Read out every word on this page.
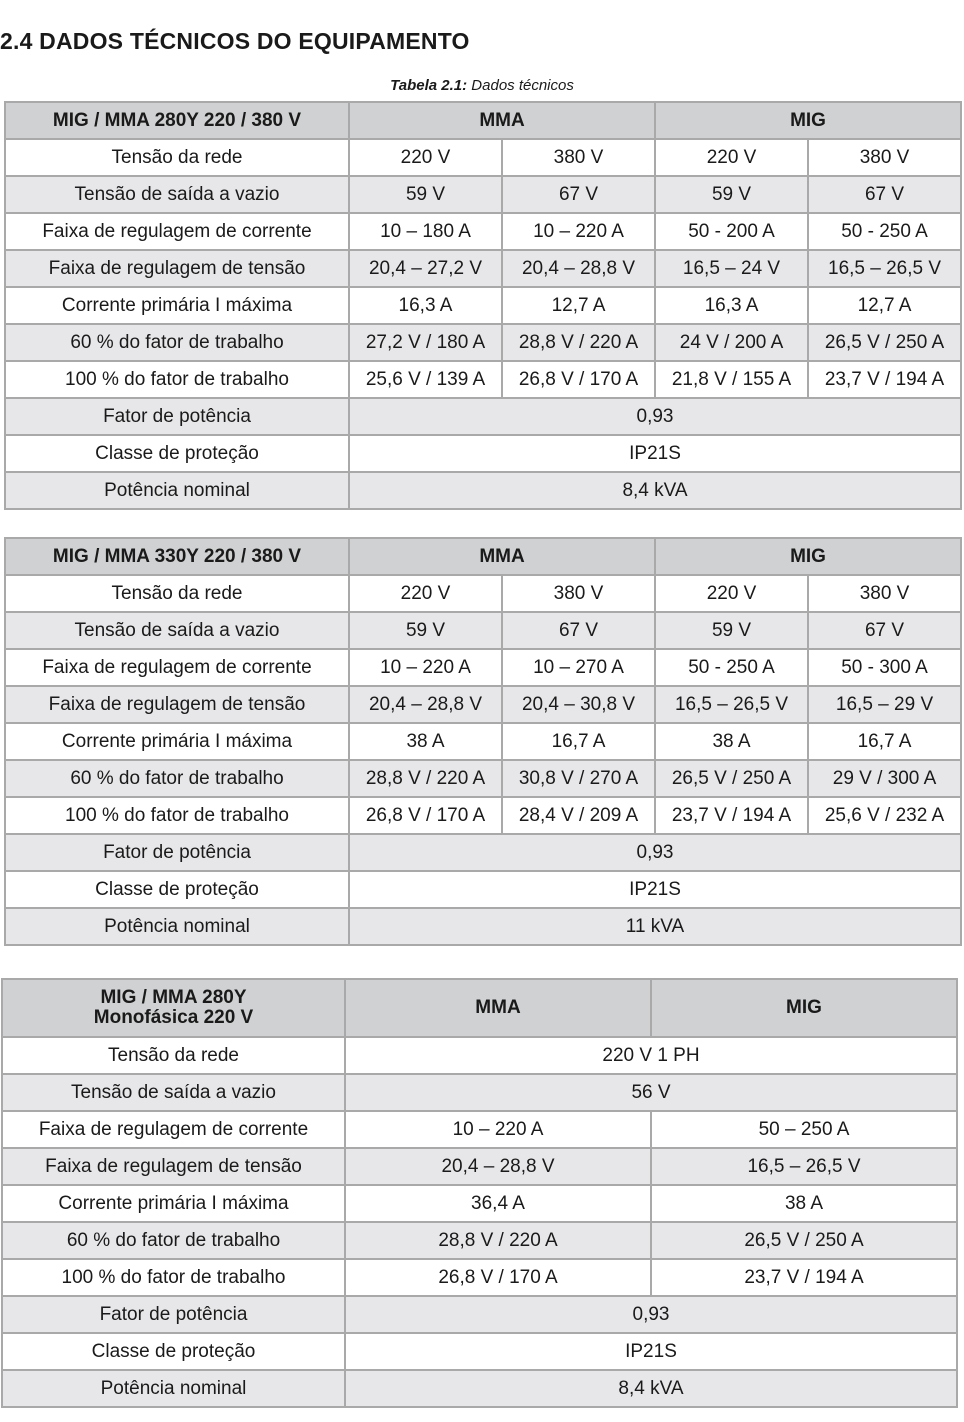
2.4 DADOS TÉCNICOS DO EQUIPAMENTO
Tabela 2.1: Dados técnicos
MIG / MMA 280Y 220 / 380 V	MMA		MIG	
Tensão da rede	220 V	380 V	220 V	380 V
Tensão de saída a vazio	59 V	67 V	59 V	67 V
Faixa de regulagem de corrente	10 – 180 A	10 – 220 A	50 - 200 A	50 - 250 A
Faixa de regulagem de tensão	20,4 – 27,2 V	20,4 – 28,8 V	16,5 – 24 V	16,5 – 26,5 V
Corrente primária I máxima	16,3 A	12,7 A	16,3 A	12,7 A
60 % do fator de trabalho	27,2 V / 180 A	28,8 V / 220 A	24 V / 200 A	26,5 V / 250 A
100 % do fator de trabalho	25,6 V / 139 A	26,8 V / 170 A	21,8 V / 155 A	23,7 V / 194 A
Fator de potência	0,93			
Classe de proteção	IP21S			
Potência nominal	8,4 kVA			
MIG / MMA 330Y 220 / 380 V	MMA		MIG	
Tensão da rede	220 V	380 V	220 V	380 V
Tensão de saída a vazio	59 V	67 V	59 V	67 V
Faixa de regulagem de corrente	10 – 220 A	10 – 270 A	50 - 250 A	50 - 300 A
Faixa de regulagem de tensão	20,4 – 28,8 V	20,4 – 30,8 V	16,5 – 26,5 V	16,5 – 29 V
Corrente primária I máxima	38 A	16,7 A	38 A	16,7 A
60 % do fator de trabalho	28,8 V / 220 A	30,8 V / 270 A	26,5 V / 250 A	29 V / 300 A
100 % do fator de trabalho	26,8 V / 170 A	28,4 V / 209 A	23,7 V / 194 A	25,6 V / 232 A
Fator de potência	0,93			
Classe de proteção	IP21S			
Potência nominal	11 kVA			
MIG / MMA 280Y
Monofásica 220 V	MMA	MIG
Tensão da rede	220 V 1 PH	
Tensão de saída a vazio	56 V	
Faixa de regulagem de corrente	10 – 220 A	50 – 250 A
Faixa de regulagem de tensão	20,4 – 28,8 V	16,5 – 26,5 V
Corrente primária I máxima	36,4 A	38 A
60 % do fator de trabalho	28,8 V / 220 A	26,5 V / 250 A
100 % do fator de trabalho	26,8 V / 170 A	23,7 V / 194 A
Fator de potência	0,93	
Classe de proteção	IP21S	
Potência nominal	8,4 kVA	
